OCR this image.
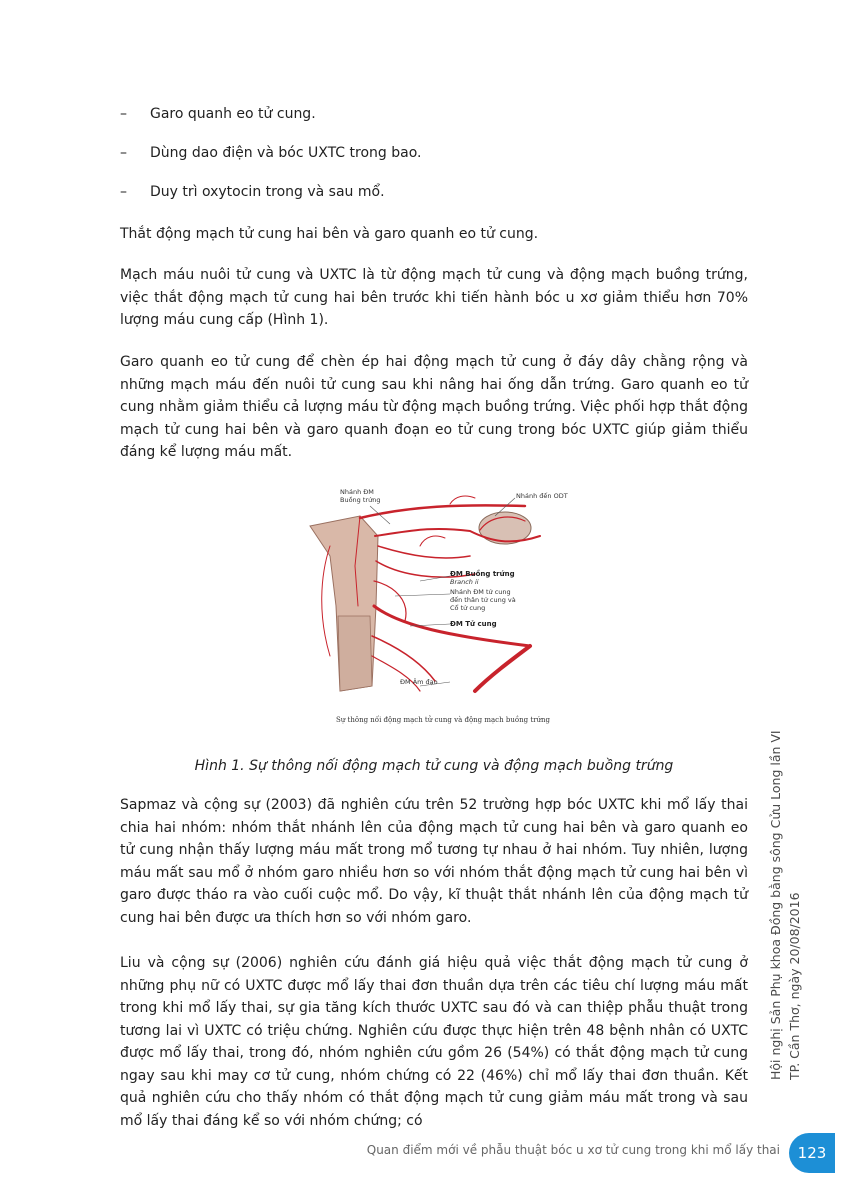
– Garo quanh eo tử cung.
– Dùng dao điện và bóc UXTC trong bao.
– Duy trì oxytocin trong và sau mổ.

Thắt động mạch tử cung hai bên và garo quanh eo tử cung.

Mạch máu nuôi tử cung và UXTC là từ động mạch tử cung và động mạch buồng trứng, việc thắt động mạch tử cung hai bên trước khi tiến hành bóc u xơ giảm thiểu hơn 70% lượng máu cung cấp (Hình 1).

Garo quanh eo tử cung để chèn ép hai động mạch tử cung ở đáy dây chằng rộng và những mạch máu đến nuôi tử cung sau khi nâng hai ống dẫn trứng. Garo quanh eo tử cung nhằm giảm thiểu cả lượng máu từ động mạch buồng trứng. Việc phối hợp thắt động mạch tử cung hai bên và garo quanh đoạn eo tử cung trong bóc UXTC giúp giảm thiểu đáng kể lượng máu mất.

Nhánh ĐM
Buồng trứng	Nhánh đến ODT
ĐM Buồng trứng
Branch ii
Nhánh ĐM tử cung
đến thân tử cung và
Cổ tử cung
ĐM Tử cung
ĐM Âm đạo
Sự thông nối động mạch tử cung và động mạch buồng trứng
Hình 1. Sự thông nối động mạch tử cung và động mạch buồng trứng

Sapmaz và cộng sự (2003) đã nghiên cứu trên 52 trường hợp bóc UXTC khi mổ lấy thai chia hai nhóm: nhóm thắt nhánh lên của động mạch tử cung hai bên và garo quanh eo tử cung nhận thấy lượng máu mất trong mổ tương tự nhau ở hai nhóm. Tuy nhiên, lượng máu mất sau mổ ở nhóm garo nhiều hơn so với nhóm thắt động mạch tử cung hai bên vì garo được tháo ra vào cuối cuộc mổ. Do vậy, kĩ thuật thắt nhánh lên của động mạch tử cung hai bên được ưa thích hơn so với nhóm garo.

Liu và cộng sự (2006) nghiên cứu đánh giá hiệu quả việc thắt động mạch tử cung ở những phụ nữ có UXTC được mổ lấy thai đơn thuần dựa trên các tiêu chí lượng máu mất trong khi mổ lấy thai, sự gia tăng kích thước UXTC sau đó và can thiệp phẫu thuật trong tương lai vì UXTC có triệu chứng. Nghiên cứu được thực hiện trên 48 bệnh nhân có UXTC được mổ lấy thai, trong đó, nhóm nghiên cứu gồm 26 (54%) có thắt động mạch tử cung ngay sau khi may cơ tử cung, nhóm chứng có 22 (46%) chỉ mổ lấy thai đơn thuần. Kết quả nghiên cứu cho thấy nhóm có thắt động mạch tử cung giảm máu mất trong và sau mổ lấy thai đáng kể so với nhóm chứng; có

Hội nghị Sản Phụ khoa Đồng bằng sông Cửu Long lần VI TP. Cần Thơ, ngày 20/08/2016
Quan điểm mới về phẫu thuật bóc u xơ tử cung trong khi mổ lấy thai	123
